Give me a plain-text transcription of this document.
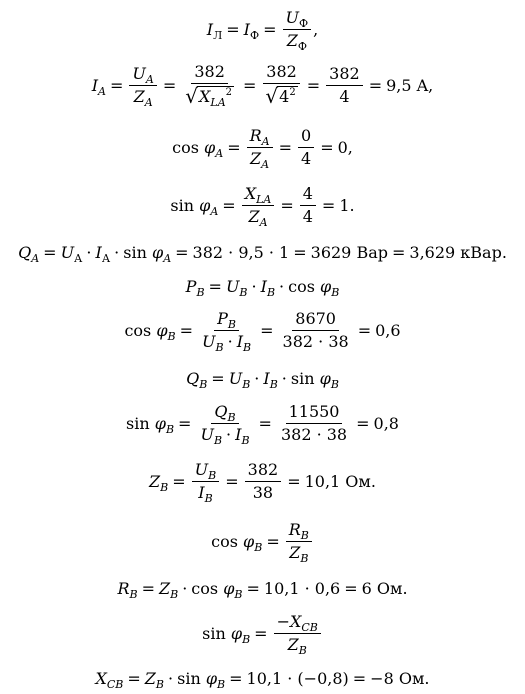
$I_Л = I_Ф = \frac{U_Ф}{Z_Ф}$ ,
$I_A = \frac{U_A}{Z_A} = \frac{382}{√ X_{LA}^2} = \frac{382}{√ 4^2} = \frac{382}{4} = 9,5$ A,
cos
$\varphi_A = \frac{R_A}{Z_A} = \frac{0}{4} = 0$,
sin
$\varphi_A = \frac{X_{LA}}{Z_A} = \frac{4}{4} = 1$.
$Q_A = U_А \cdot I_А \cdot \sin$
$\varphi_A = 382 \cdot 9,5 \cdot 1 = 3629$ Вар = 3,629 кВар.
$P_B = U_B \cdot I_B \cdot \cos$
$\varphi_B$
cos
$\varphi_B = \frac{P_B}{U_B \cdot I_B} = \frac{8670}{382 \cdot 38} = 0,6$
$Q_B = U_B \cdot I_B \cdot \sin$
$\varphi_B$
sin
$\varphi_B = \frac{Q_B}{U_B \cdot I_B} = \frac{11550}{382 \cdot 38} = 0,8$
$Z_B = \frac{U_B}{I_B} = \frac{382}{38} = 10,1$ Ом.
cos
$\varphi_B = \frac{R_B}{Z_B}$
$R_B = Z_B \cdot \cos$
$\varphi_B = 10,1 \cdot 0,6 = 6$ Ом.
sin
$\varphi_B = \frac{-X_{CB}}{Z_B}$
$X_{CB} = Z_B \cdot \sin$
$\varphi_B = 10,1 \cdot (-0,8) = -8$ Ом.
